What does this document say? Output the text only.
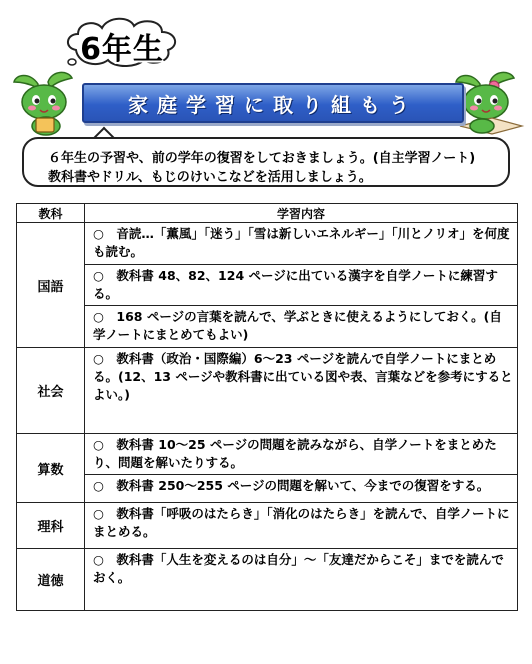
6年生
家庭学習に取り組もう
６年生の予習や、前の学年の復習をしておきましょう。(自主学習ノート)
教科書やドリル、もじのけいこなどを活用しましょう。
教科	学習内容
国語	○　音読…「薫風」「迷う」「雪は新しいエネルギー」「川とノリオ」を何度も読む。
	○　教科書 48、82、124 ページに出ている漢字を自学ノートに練習する。
	○　168 ページの言葉を読んで、学ぶときに使えるようにしておく。(自学ノートにまとめてもよい)
社会	○　教科書（政治・国際編）6～23 ページを読んで自学ノートにまとめる。(12、13 ページや教科書に出ている図や表、言葉などを参考にするとよい。)
算数	○　教科書 10～25 ページの問題を読みながら、自学ノートをまとめたり、問題を解いたりする。
	○　教科書 250～255 ページの問題を解いて、今までの復習をする。
理科	○　教科書「呼吸のはたらき」「消化のはたらき」を読んで、自学ノートにまとめる。
道徳	○　教科書「人生を変えるのは自分」～「友達だからこそ」までを読んでおく。
